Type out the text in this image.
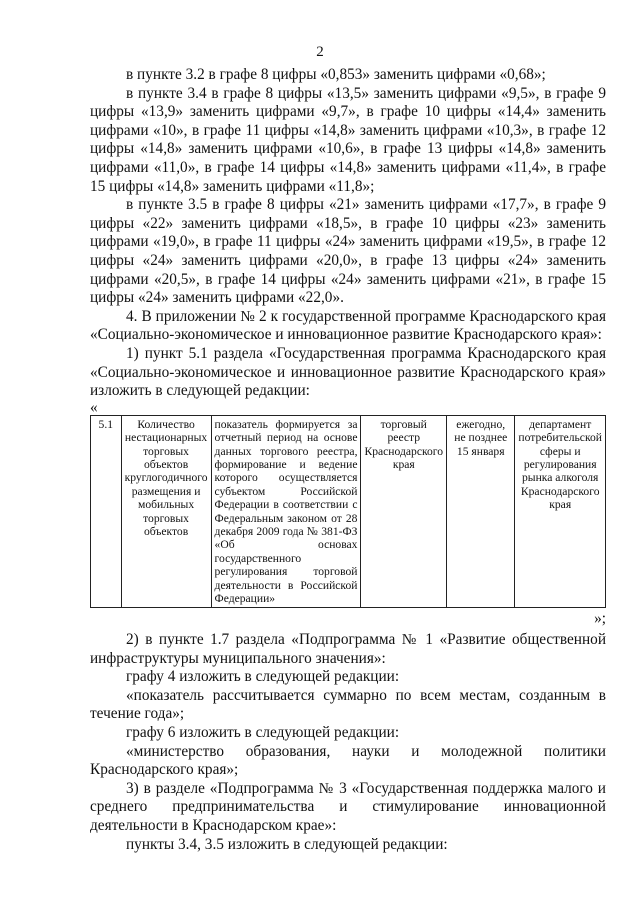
2

в пункте 3.2 в графе 8 цифры «0,853» заменить цифрами «0,68»;

в пункте 3.4 в графе 8 цифры «13,5» заменить цифрами «9,5», в графе 9 цифры «13,9» заменить цифрами «9,7», в графе 10 цифры «14,4» заменить цифрами «10», в графе 11 цифры «14,8» заменить цифрами «10,3», в графе 12 цифры «14,8» заменить цифрами «10,6», в графе 13 цифры «14,8» заменить цифрами «11,0», в графе 14 цифры «14,8» заменить цифрами «11,4», в графе 15 цифры «14,8» заменить цифрами «11,8»;

в пункте 3.5 в графе 8 цифры «21» заменить цифрами «17,7», в графе 9 цифры «22» заменить цифрами «18,5», в графе 10 цифры «23» заменить цифрами «19,0», в графе 11 цифры «24» заменить цифрами «19,5», в графе 12 цифры «24» заменить цифрами «20,0», в графе 13 цифры «24» заменить цифрами «20,5», в графе 14 цифры «24» заменить цифрами «21», в графе 15 цифры «24» заменить цифрами «22,0».

4. В приложении № 2 к государственной программе Краснодарского края «Социально-экономическое и инновационное развитие Краснодарского края»:

1) пункт 5.1 раздела «Государственная программа Краснодарского края «Социально-экономическое и инновационное развитие Краснодарского края» изложить в следующей редакции:

«

5.1	Количество нестационарных торговых объектов круглогодичного размещения и мобильных торговых объектов	показатель формируется за отчетный период на основе данных торгового реестра, формирование и ведение которого осуществляется субъектом Российской Федерации в соответствии с Федеральным законом от 28 декабря 2009 года № 381-ФЗ «Об основах государственного регулирования торговой деятельности в Российской Федерации»	торговый реестр Краснодарского края	ежегодно, не позднее 15 января	департамент потребительской сферы и регулирования рынка алкоголя Краснодарского края

»;

2) в пункте 1.7 раздела «Подпрограмма № 1 «Развитие общественной инфраструктуры муниципального значения»:

графу 4 изложить в следующей редакции:

«показатель рассчитывается суммарно по всем местам, созданным в течение года»;

графу 6 изложить в следующей редакции:

«министерство образования, науки и молодежной политики Краснодарского края»;

3) в разделе «Подпрограмма № 3 «Государственная поддержка малого и среднего предпринимательства и стимулирование инновационной деятельности в Краснодарском крае»:

пункты 3.4, 3.5 изложить в следующей редакции:
